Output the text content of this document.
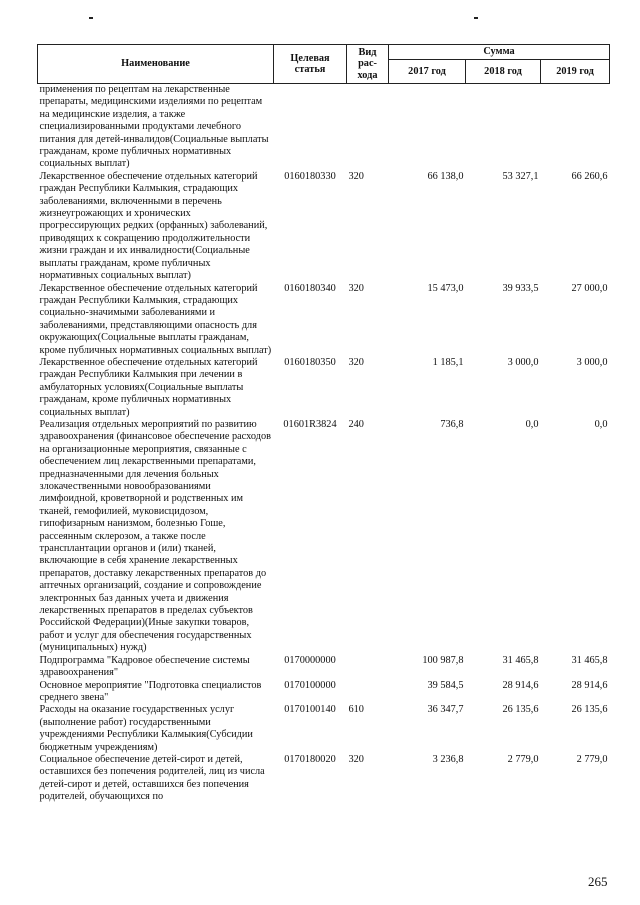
Наименование	Целевая статья	Вид рас-хода	Сумма		
			2017 год	2018 год	2019 год
применения по рецептам на лекарственные препараты, медицинскими изделиями по рецептам на медицинские изделия, а также специализированными продуктами лечебного питания для детей-инвалидов(Социальные выплаты гражданам, кроме публичных нормативных социальных выплат)					
Лекарственное обеспечение отдельных категорий граждан Республики Калмыкия, страдающих заболеваниями, включенными в перечень жизнеугрожающих и хронических прогрессирующих редких (орфанных) заболеваний, приводящих к сокращению продолжительности жизни граждан и их инвалидности(Социальные выплаты гражданам, кроме публичных нормативных социальных выплат)	0160180330	320	66 138,0	53 327,1	66 260,6
Лекарственное обеспечение отдельных категорий граждан Республики Калмыкия, страдающих социально-значимыми заболеваниями и заболеваниями, представляющими опасность для окружающих(Социальные выплаты гражданам, кроме публичных нормативных социальных выплат)	0160180340	320	15 473,0	39 933,5	27 000,0
Лекарственное обеспечение отдельных категорий граждан Республики Калмыкия при лечении в амбулаторных условиях(Социальные выплаты гражданам, кроме публичных нормативных социальных выплат)	0160180350	320	1 185,1	3 000,0	3 000,0
Реализация отдельных мероприятий по развитию здравоохранения (финансовое обеспечение расходов на организационные мероприятия, связанные с обеспечением лиц лекарственными препаратами, предназначенными для лечения больных злокачественными новообразованиями лимфоидной, кроветворной и родственных им тканей, гемофилией, муковисцидозом, гипофизарным нанизмом, болезнью Гоше, рассеянным склерозом, а также после трансплантации органов и (или) тканей, включающие в себя хранение лекарственных препаратов, доставку лекарственных препаратов до аптечных организаций, создание и сопровождение электронных баз данных учета и движения лекарственных препаратов в пределах субъектов Российской Федерации)(Иные закупки товаров, работ и услуг для обеспечения государственных (муниципальных) нужд)	01601R3824	240	736,8	0,0	0,0
Подпрограмма "Кадровое обеспечение системы здравоохранения"	0170000000		100 987,8	31 465,8	31 465,8
Основное мероприятие "Подготовка специалистов среднего звена"	0170100000		39 584,5	28 914,6	28 914,6
Расходы на оказание государственных услуг (выполнение работ) государственными учреждениями Республики Калмыкия(Субсидии бюджетным учреждениям)	0170100140	610	36 347,7	26 135,6	26 135,6
Социальное обеспечение детей-сирот и детей, оставшихся без попечения родителей, лиц из числа детей-сирот и детей, оставшихся без попечения родителей, обучающихся по	0170180020	320	3 236,8	2 779,0	2 779,0
265
